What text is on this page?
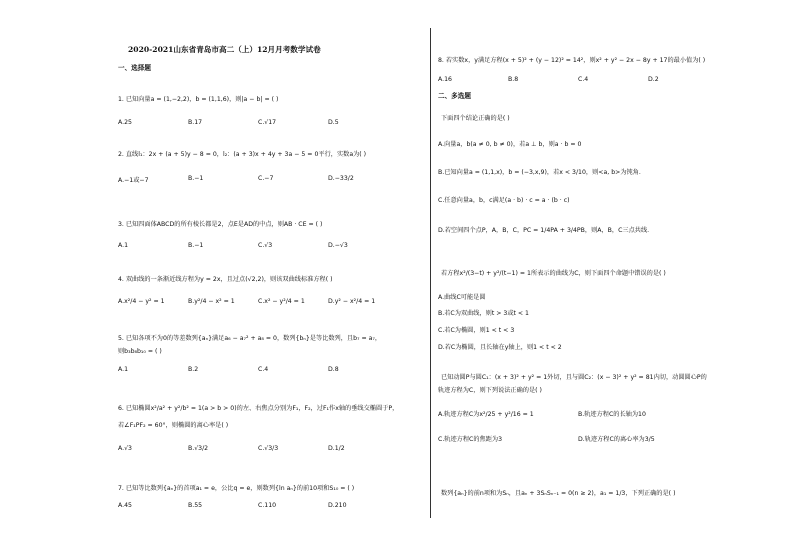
2020-2021山东省青岛市高二（上）12月月考数学试卷
一、选择题
1. 已知向量a = (1,−2,2)，b = (1,1,6)，则|a − b| = ( )
A.25	B.17	C.√17	D.5
2. 直线l₁：2x + (a + 5)y − 8 = 0，l₂：(a + 3)x + 4y + 3a − 5 = 0平行，实数a为( )
A.−1或−7	B.−1	C.−7	D.−33/2
3. 已知四面体ABCD的所有棱长都是2，点E是AD的中点，则AB · CE = ( )
A.1	B.−1	C.√3	D.−√3
4. 双曲线的一条渐近线方程为y = 2x，且过点(√2,2)，则该双曲线标准方程( )
A.x²/4 − y² = 1	B.y²/4 − x² = 1	C.x² − y²/4 = 1	D.y² − x²/4 = 1
5. 已知各项不为0的等差数列{aₙ}满足a₆ − a₇² + a₈ = 0，数列{bₙ}是等比数列，且b₇ = a₇，
则b₃b₈b₁₀ = ( )
A.1	B.2	C.4	D.8
6. 已知椭圆x²/a² + y²/b² = 1(a > b > 0)的左、右焦点分别为F₁，F₂，过F₁作x轴的垂线交椭圆于P，
若∠F₁PF₂ = 60°，则椭圆的离心率是( )
A.√3	B.√3/2	C.√3/3	D.1/2
7. 已知等比数列{aₙ}的首项a₁ = e，公比q = e，则数列{ln aₙ}的前10项和S₁₀ = ( )
A.45	B.55	C.110	D.210
8. 若实数x，y满足方程(x + 5)² + (y − 12)² = 14²，则x² + y² − 2x − 8y + 17的最小值为( )
A.16	B.8	C.4	D.2
二、多选题
下面四个结论正确的是( )
A.向量a，b(a ≠ 0, b ≠ 0)，若a ⊥ b，则a · b = 0
B.已知向量a = (1,1,x)，b = (−3,x,9)，若x < 3/10，则<a, b>为钝角.
C.任意向量a，b，c满足(a · b) · c = a · (b · c)
D.若空间四个点P，A，B，C，PC = 1/4PA + 3/4PB，则A，B，C三点共线.
若方程x²/(3−t) + y²/(t−1) = 1所表示的曲线为C，则下面四个命题中错误的是( )
A.曲线C可能是圆
B.若C为双曲线，则t > 3或t < 1
C.若C为椭圆，则1 < t < 3
D.若C为椭圆，且长轴在y轴上，则1 < t < 2
已知动圆P与圆C₁：(x + 3)² + y² = 1外切，且与圆C₂：(x − 3)² + y² = 81内切，动圆圆心P的
轨迹方程为C，则下列说法正确的是( )
A.轨迹方程C为x²/25 + y²/16 = 1	B.轨迹方程C的长轴为10
C.轨迹方程C的焦距为3	D.轨迹方程C的离心率为3/5
数列{aₙ}的前n项和为Sₙ，且aₙ + 3SₙSₙ₋₁ = 0(n ≥ 2)，a₁ = 1/3，下列正确的是( )
